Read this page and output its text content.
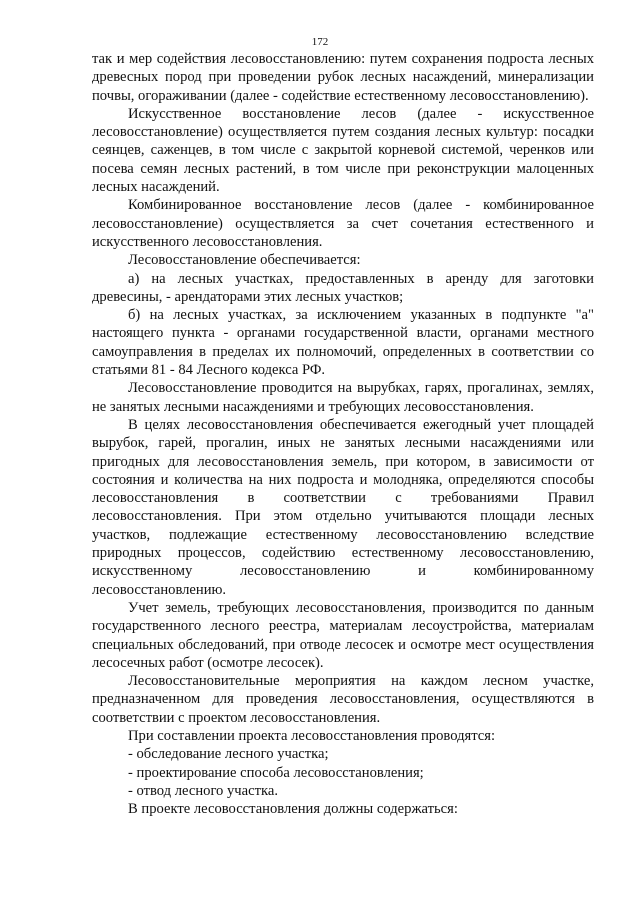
172

так и мер содействия лесовосстановлению: путем сохранения подроста лесных древесных пород при проведении рубок лесных насаждений, минерализации почвы, огораживании (далее - содействие естественному лесовосстановлению).

Искусственное восстановление лесов (далее - искусственное лесовосстановление) осуществляется путем создания лесных культур: посадки сеянцев, саженцев, в том числе с закрытой корневой системой, черенков или посева семян лесных растений, в том числе при реконструкции малоценных лесных насаждений.

Комбинированное восстановление лесов (далее - комбинированное лесовосстановление) осуществляется за счет сочетания естественного и искусственного лесовосстановления.

Лесовосстановление обеспечивается:

а) на лесных участках, предоставленных в аренду для заготовки древесины, - арендаторами этих лесных участков;

б) на лесных участках, за исключением указанных в подпункте "а" настоящего пункта - органами государственной власти, органами местного самоуправления в пределах их полномочий, определенных в соответствии со статьями 81 - 84 Лесного кодекса РФ.

Лесовосстановление проводится на вырубках, гарях, прогалинах, землях, не занятых лесными насаждениями и требующих лесовосстановления.

В целях лесовосстановления обеспечивается ежегодный учет площадей вырубок, гарей, прогалин, иных не занятых лесными насаждениями или пригодных для лесовосстановления земель, при котором, в зависимости от состояния и количества на них подроста и молодняка, определяются способы лесовосстановления в соответствии с требованиями Правил лесовосстановления. При этом отдельно учитываются площади лесных участков, подлежащие естественному лесовосстановлению вследствие природных процессов, содействию естественному лесовосстановлению, искусственному лесовосстановлению и комбинированному лесовосстановлению.

Учет земель, требующих лесовосстановления, производится по данным государственного лесного реестра, материалам лесоустройства, материалам специальных обследований, при отводе лесосек и осмотре мест осуществления лесосечных работ (осмотре лесосек).

Лесовосстановительные мероприятия на каждом лесном участке, предназначенном для проведения лесовосстановления, осуществляются в соответствии с проектом лесовосстановления.

При составлении проекта лесовосстановления проводятся:

- обследование лесного участка;

- проектирование способа лесовосстановления;

- отвод лесного участка.

В проекте лесовосстановления должны содержаться:
